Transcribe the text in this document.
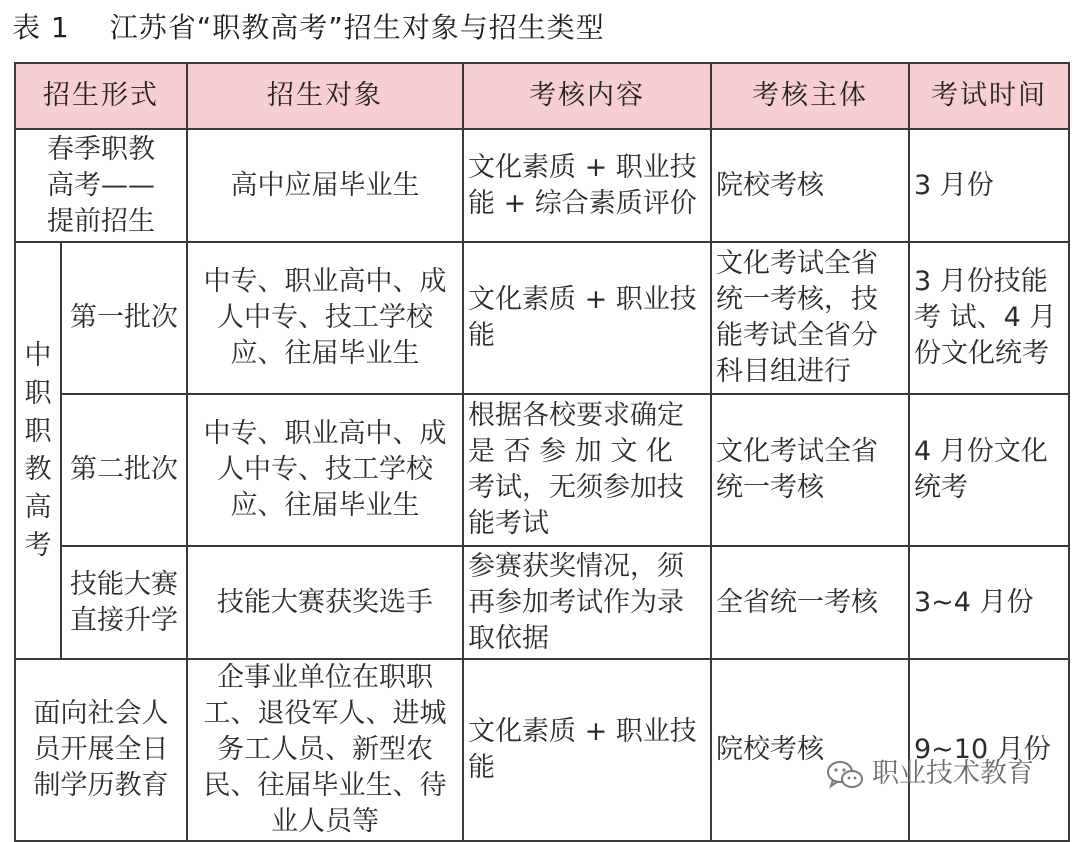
表 1 江苏省“职教高考”招生对象与招生类型
招生形式		招生对象	考核内容	考核主体	考试时间
春季职教高考——提前招生		高中应届毕业生	文化素质 + 职业技能 + 综合素质评价	院校考核	3 月份
中职职教高考	第一批次	中专、职业高中、成人中专、技工学校应、往届毕业生	文化素质 + 职业技能	文化考试全省统一考核，技能考试全省分科目组进行	3 月份技能考 试、4 月份文化统考
	第二批次	中专、职业高中、成人中专、技工学校应、往届毕业生	根据各校要求确定是 否 参 加 文 化 考试，无须参加技能考试	文化考试全省统一考核	4 月份文化统考
	技能大赛直接升学	技能大赛获奖选手	参赛获奖情况，须再参加考试作为录取依据	全省统一考核	3~4 月份
面向社会人员开展全日制学历教育		企事业单位在职职工、退役军人、进城务工人员、新型农民、往届毕业生、待业人员等	文化素质 + 职业技能	院校考核	9~10 月份
职业技术教育
